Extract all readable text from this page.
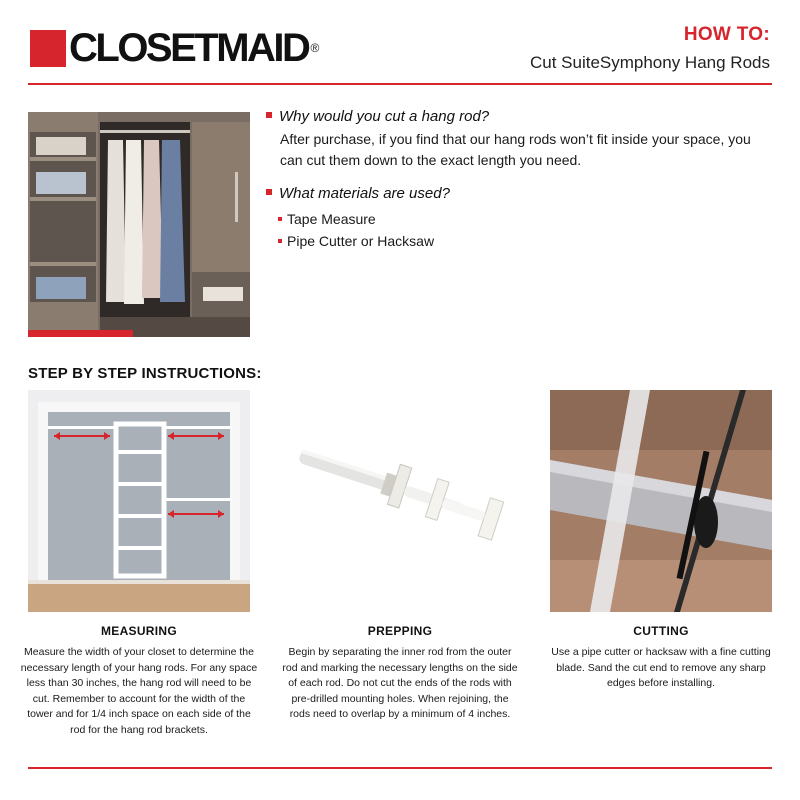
CLOSETMAID ®
HOW TO:
Cut SuiteSymphony Hang Rods
Why would you cut a hang rod?
After purchase, if you find that our hang rods won’t fit inside your space, you can cut them down to the exact length you need.
What materials are used?
Tape Measure
Pipe Cutter or Hacksaw
STEP BY STEP INSTRUCTIONS:
MEASURING
Measure the width of your closet to determine the necessary length of your hang rods. For any space less than 30 inches, the hang rod will need to be cut. Remember to account for the width of the tower and for 1/4 inch space on each side of the rod for the hang rod brackets.
PREPPING
Begin by separating the inner rod from the outer rod and marking the necessary lengths on the side of each rod. Do not cut the ends of the rods with pre-drilled mounting holes. When rejoining, the rods need to overlap by a minimum of 4 inches.
CUTTING
Use a pipe cutter or hacksaw with a fine cutting blade. Sand the cut end to remove any sharp edges before installing.
